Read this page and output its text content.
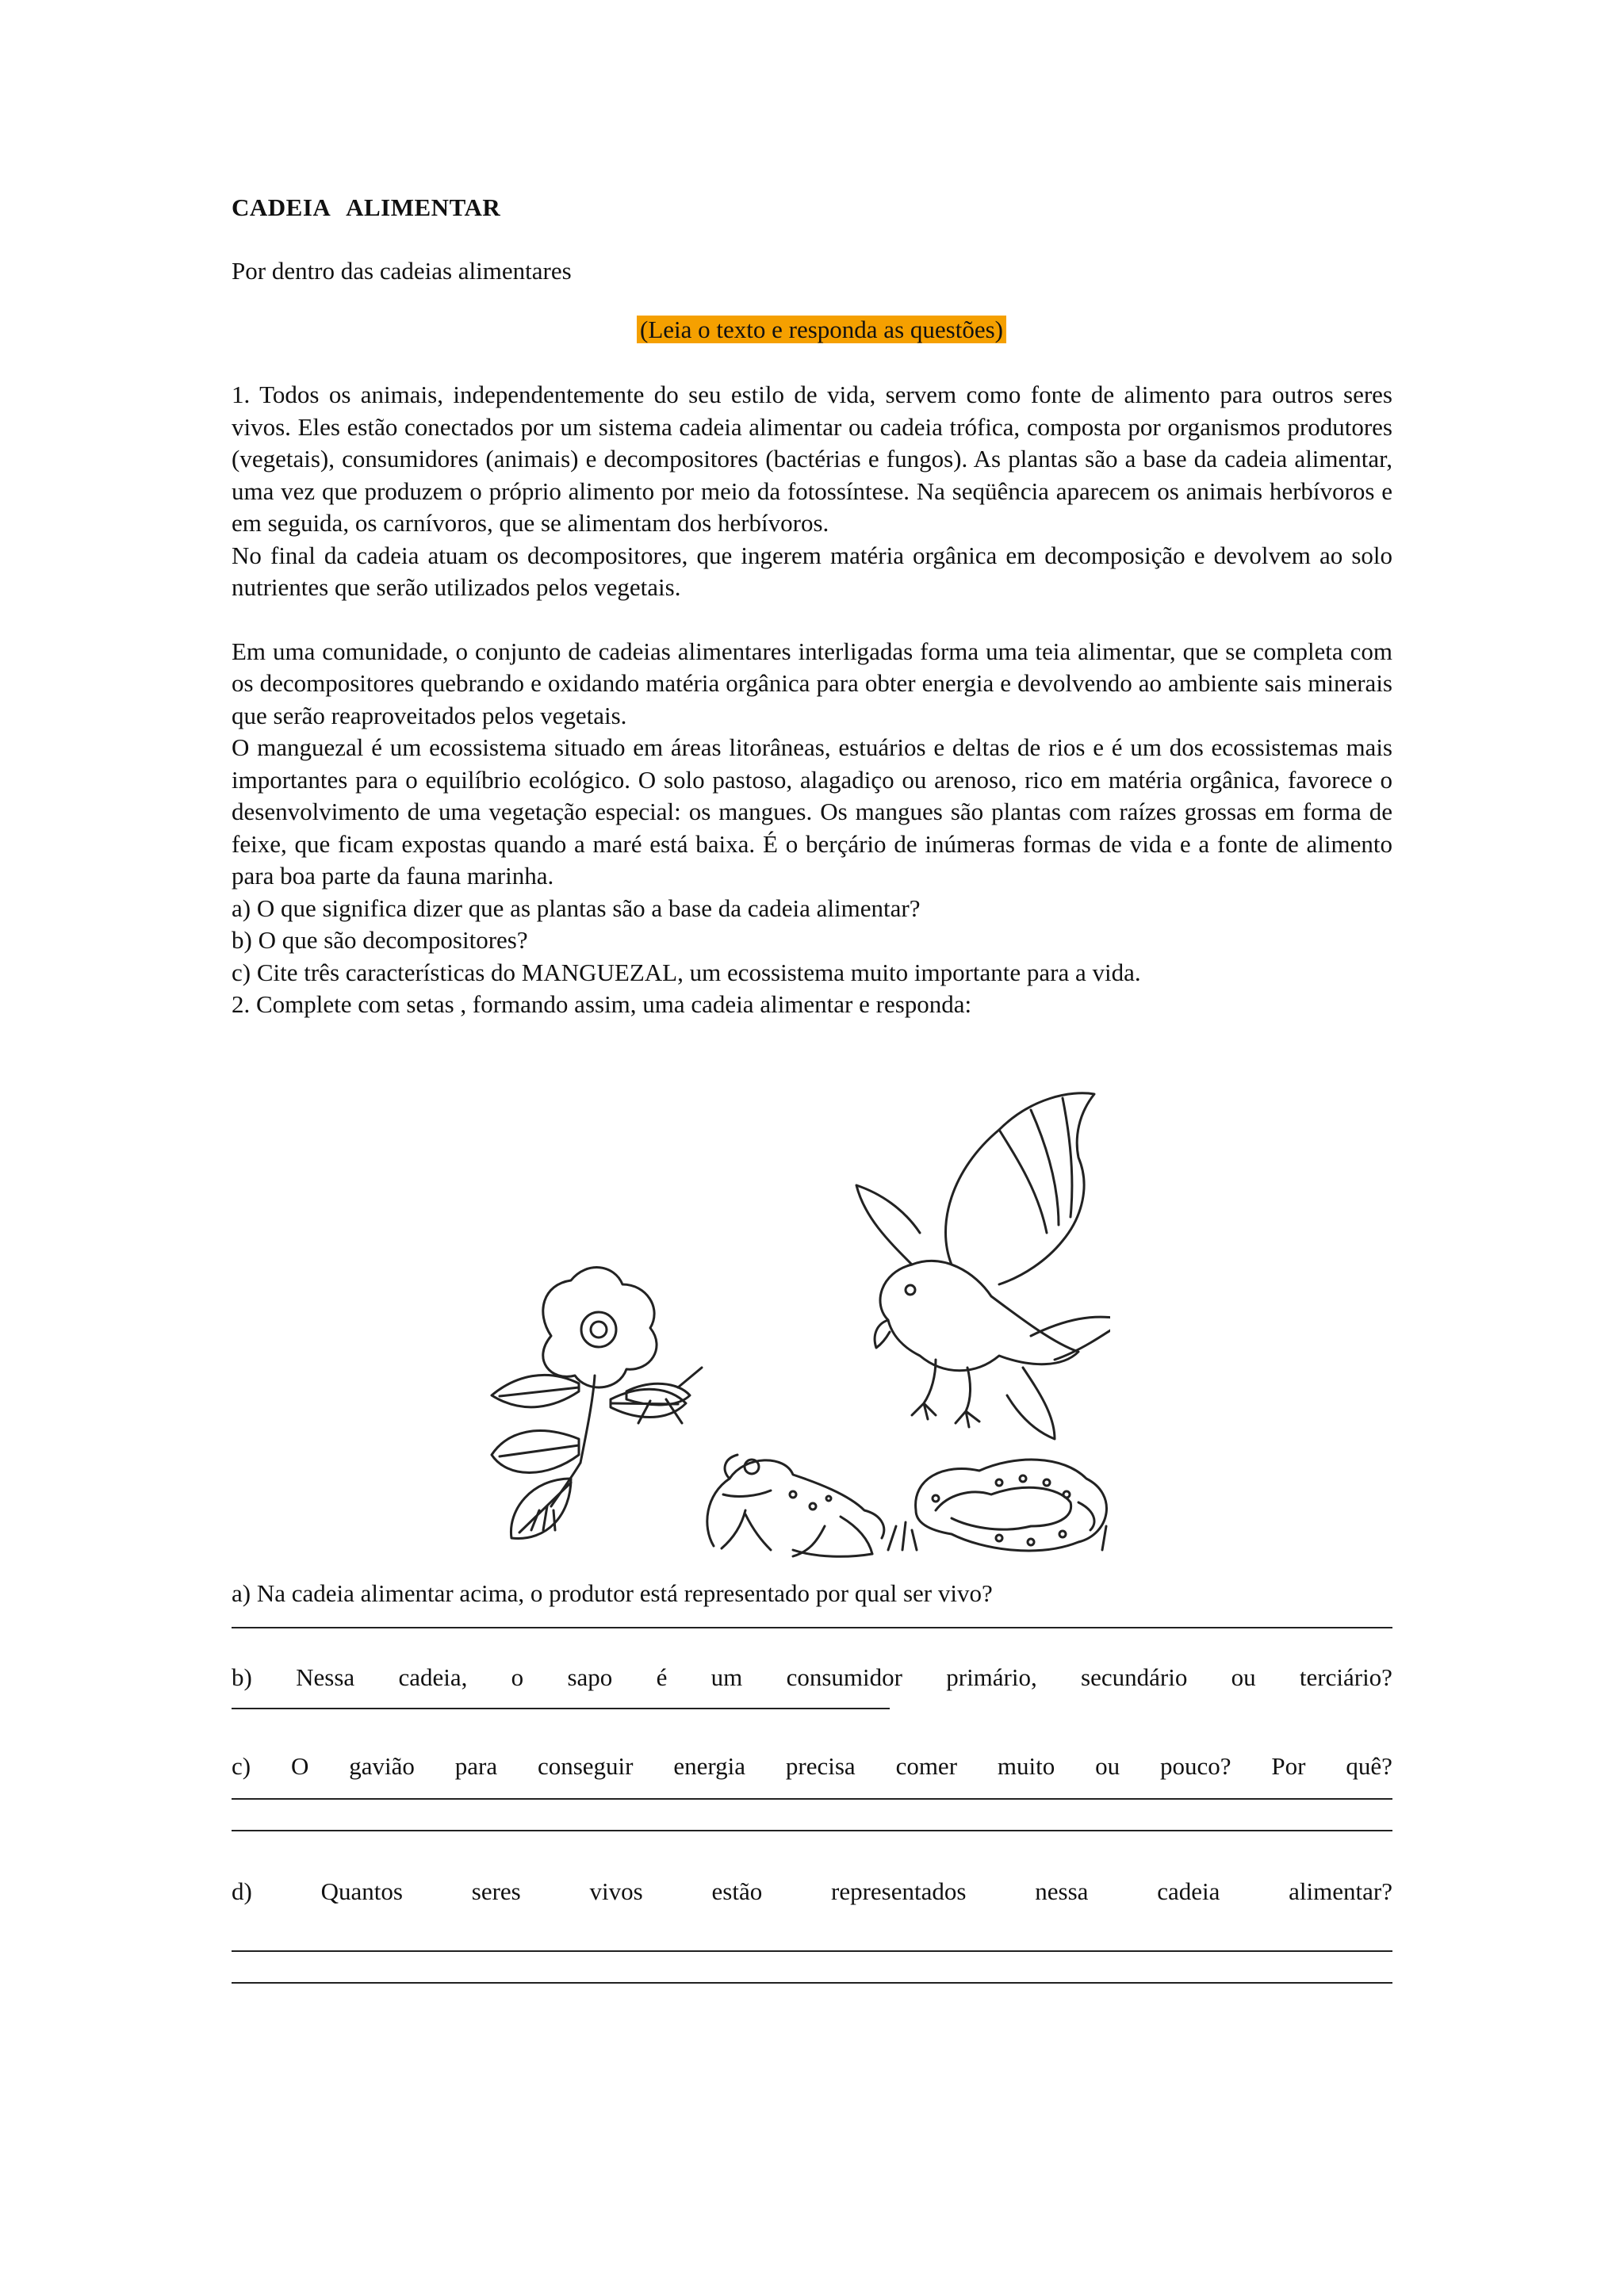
CADEIA ALIMENTAR

Por dentro das cadeias alimentares

(Leia o texto e responda as questões)

1. Todos os animais, independentemente do seu estilo de vida, servem como fonte de alimento para outros seres vivos. Eles estão conectados por um sistema cadeia alimentar ou cadeia trófica, composta por organismos produtores (vegetais), consumidores (animais) e decompositores (bactérias e fungos). As plantas são a base da cadeia alimentar, uma vez que produzem o próprio alimento por meio da fotossíntese. Na seqüência aparecem os animais herbívoros e em seguida, os carnívoros, que se alimentam dos herbívoros.

No final da cadeia atuam os decompositores, que ingerem matéria orgânica em decomposição e devolvem ao solo nutrientes que serão utilizados pelos vegetais.

Em uma comunidade, o conjunto de cadeias alimentares interligadas forma uma teia alimentar, que se completa com os decompositores quebrando e oxidando matéria orgânica para obter energia e devolvendo ao ambiente sais minerais que serão reaproveitados pelos vegetais.

O manguezal é um ecossistema situado em áreas litorâneas, estuários e deltas de rios e é um dos ecossistemas mais importantes para o equilíbrio ecológico. O solo pastoso, alagadiço ou arenoso, rico em matéria orgânica, favorece o desenvolvimento de uma vegetação especial: os mangues. Os mangues são plantas com raízes grossas em forma de feixe, que ficam expostas quando a maré está baixa. É o berçário de inúmeras formas de vida e a fonte de alimento para boa parte da fauna marinha.

a) O que significa dizer que as plantas são a base da cadeia alimentar?

b) O que são decompositores?

c) Cite três características do MANGUEZAL, um ecossistema muito importante para a vida.

2. Complete com setas , formando assim, uma cadeia alimentar e responda:

a) Na cadeia alimentar acima, o produtor está representado por qual ser vivo?

b) Nessa cadeia, o sapo é um consumidor primário, secundário ou terciário?
c) O gavião para conseguir energia precisa comer muito ou pouco? Por quê?
d)	Quantos	seres	vivos	estão	representados	nessa	cadeia	alimentar?
